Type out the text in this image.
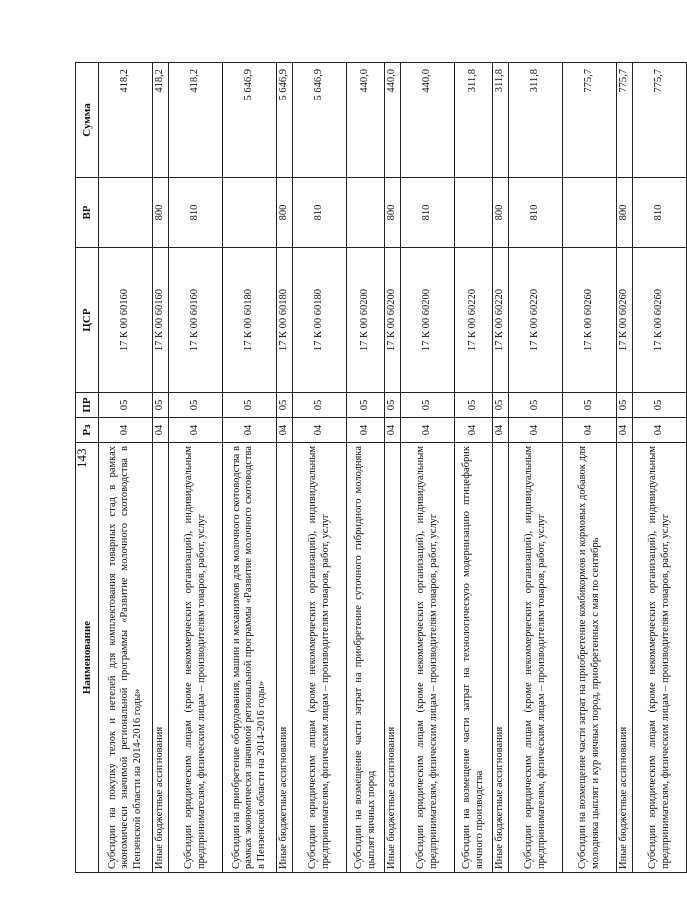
143
Наименование	Рз	ПР	ЦСР	ВР	Сумма
Субсидии на покупку телок и нетелей для комплектования товарных стад в рамках экономически значимой региональной программы «Развитие молочного скотоводства в Пензенской области на 2014-2016 годы»	04	05	17 К 00 60160		418,2
Иные бюджетные ассигнования	04	05	17 К 00 60160	800	418,2
Субсидии юридическим лицам (кроме некоммерческих организаций), индивидуальным предпринимателям, физическим лицам – производителям товаров, работ, услуг	04	05	17 К 00 60160	810	418,2
Субсидии на приобретение оборудования, машин и механизмов для молочного скотоводства в рамках экономически значимой региональной программы «Развитие молочного скотоводства в Пензенской области на 2014-2016 годы»	04	05	17 К 00 60180		5 646,9
Иные бюджетные ассигнования	04	05	17 К 00 60180	800	5 646,9
Субсидии юридическим лицам (кроме некоммерческих организаций), индивидуальным предпринимателям, физическим лицам – производителям товаров, работ, услуг	04	05	17 К 00 60180	810	5 646,9
Субсидии на возмещение части затрат на приобретение суточного гибридного молодняка цыплят яичных пород	04	05	17 К 00 60200		440,0
Иные бюджетные ассигнования	04	05	17 К 00 60200	800	440,0
Субсидии юридическим лицам (кроме некоммерческих организаций), индивидуальным предпринимателям, физическим лицам – производителям товаров, работ, услуг	04	05	17 К 00 60200	810	440,0
Субсидии на возмещение части затрат на технологическую модернизацию птицефабрик яичного производства	04	05	17 К 00 60220		311,8
Иные бюджетные ассигнования	04	05	17 К 00 60220	800	311,8
Субсидии юридическим лицам (кроме некоммерческих организаций), индивидуальным предпринимателям, физическим лицам – производителям товаров, работ, услуг	04	05	17 К 00 60220	810	311,8
Субсидии на возмещение части затрат на приобретение комбикормов и кормовых добавок для молодняка цыплят и кур яичных пород, приобретенных с мая по сентябрь	04	05	17 К 00 60260		775,7
Иные бюджетные ассигнования	04	05	17 К 00 60260	800	775,7
Субсидии юридическим лицам (кроме некоммерческих организаций), индивидуальным предпринимателям, физическим лицам – производителям товаров, работ, услуг	04	05	17 К 00 60260	810	775,7
